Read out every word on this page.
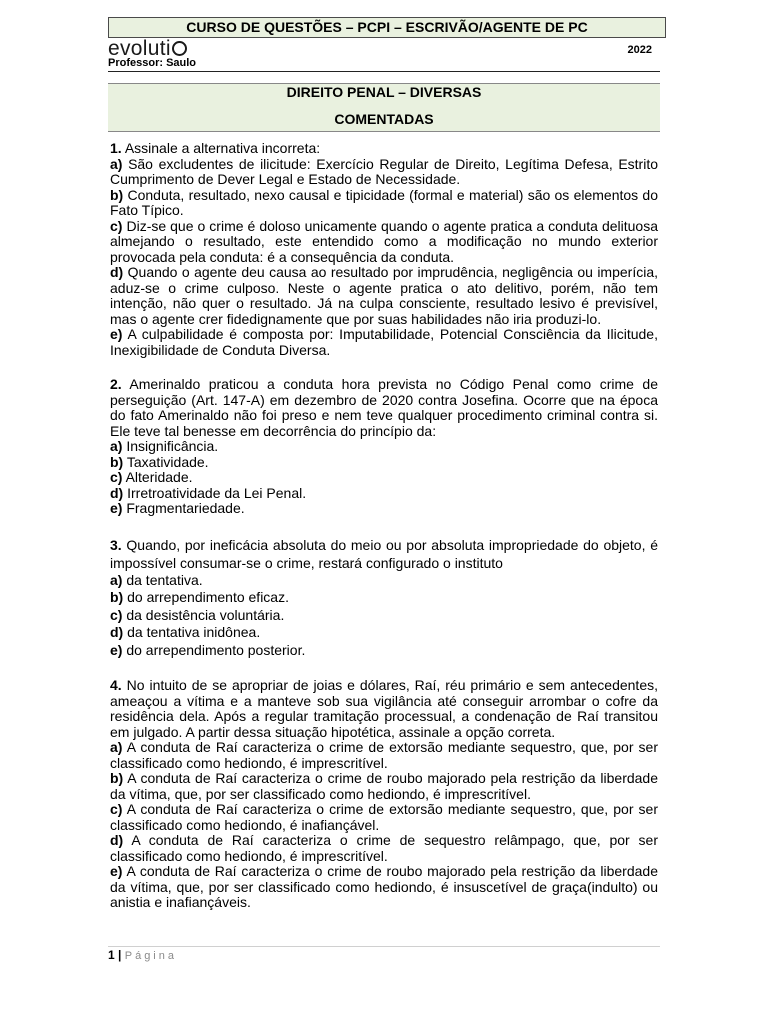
CURSO DE QUESTÕES – PCPI – ESCRIVÃO/AGENTE DE PC
evoluti	2022
Professor: Saulo
DIREITO PENAL – DIVERSAS
COMENTADAS

1. Assinale a alternativa incorreta:

a) São excludentes de ilicitude: Exercício Regular de Direito, Legítima Defesa, Estrito Cumprimento de Dever Legal e Estado de Necessidade.

b) Conduta, resultado, nexo causal e tipicidade (formal e material) são os elementos do Fato Típico.

c) Diz-se que o crime é doloso unicamente quando o agente pratica a conduta delituosa almejando o resultado, este entendido como a modificação no mundo exterior provocada pela conduta: é a consequência da conduta.

d) Quando o agente deu causa ao resultado por imprudência, negligência ou imperícia, aduz-se o crime culposo. Neste o agente pratica o ato delitivo, porém, não tem intenção, não quer o resultado. Já na culpa consciente, resultado lesivo é previsível, mas o agente crer fidedignamente que por suas habilidades não iria produzi-lo.

e) A culpabilidade é composta por: Imputabilidade, Potencial Consciência da Ilicitude, Inexigibilidade de Conduta Diversa.

2. Amerinaldo praticou a conduta hora prevista no Código Penal como crime de perseguição (Art. 147-A) em dezembro de 2020 contra Josefina. Ocorre que na época do fato Amerinaldo não foi preso e nem teve qualquer procedimento criminal contra si. Ele teve tal benesse em decorrência do princípio da:

a) Insignificância.

b) Taxatividade.

c) Alteridade.

d) Irretroatividade da Lei Penal.

e) Fragmentariedade.

3. Quando, por ineficácia absoluta do meio ou por absoluta impropriedade do objeto, é impossível consumar-se o crime, restará configurado o instituto

a) da tentativa.

b) do arrependimento eficaz.

c) da desistência voluntária.

d) da tentativa inidônea.

e) do arrependimento posterior.

4. No intuito de se apropriar de joias e dólares, Raí, réu primário e sem antecedentes, ameaçou a vítima e a manteve sob sua vigilância até conseguir arrombar o cofre da residência dela. Após a regular tramitação processual, a condenação de Raí transitou em julgado. A partir dessa situação hipotética, assinale a opção correta.

a) A conduta de Raí caracteriza o crime de extorsão mediante sequestro, que, por ser classificado como hediondo, é imprescritível.

b) A conduta de Raí caracteriza o crime de roubo majorado pela restrição da liberdade da vítima, que, por ser classificado como hediondo, é imprescritível.

c) A conduta de Raí caracteriza o crime de extorsão mediante sequestro, que, por ser classificado como hediondo, é inafiançável.

d) A conduta de Raí caracteriza o crime de sequestro relâmpago, que, por ser classificado como hediondo, é imprescritível.

e) A conduta de Raí caracteriza o crime de roubo majorado pela restrição da liberdade da vítima, que, por ser classificado como hediondo, é insuscetível de graça(indulto) ou anistia e inafiançáveis.

1 | Página
